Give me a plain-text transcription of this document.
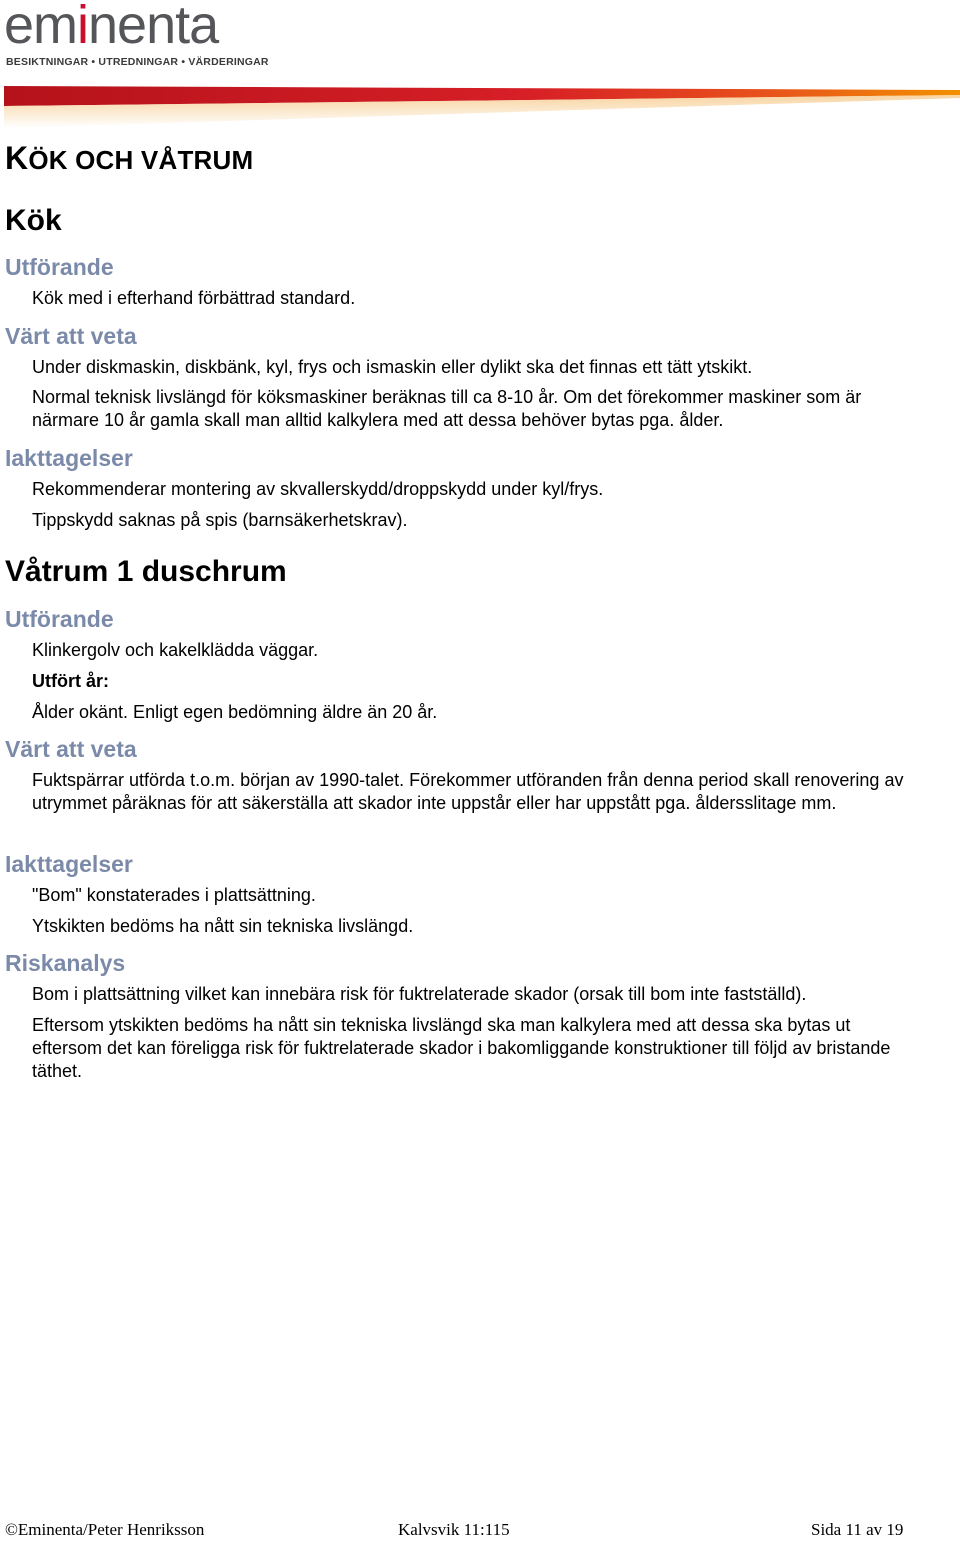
eminenta
BESIKTNINGAR • UTREDNINGAR • VÄRDERINGAR
KÖK OCH VÅTRUM
Kök
Utförande

Kök med i efterhand förbättrad standard.

Värt att veta

Under diskmaskin, diskbänk, kyl, frys och ismaskin eller dylikt ska det finnas ett tätt ytskikt.

Normal teknisk livslängd för köksmaskiner beräknas till ca 8-10 år. Om det förekommer maskiner som är närmare 10 år gamla skall man alltid kalkylera med att dessa behöver bytas pga. ålder.

Iakttagelser

Rekommenderar montering av skvallerskydd/droppskydd under kyl/frys.

Tippskydd saknas på spis (barnsäkerhetskrav).

Våtrum 1 duschrum
Utförande

Klinkergolv och kakelklädda väggar.

Utfört år:

Ålder okänt. Enligt egen bedömning äldre än 20 år.

Värt att veta

Fuktspärrar utförda t.o.m. början av 1990-talet. Förekommer utföranden från denna period skall renovering av utrymmet påräknas för att säkerställa att skador inte uppstår eller har uppstått pga. åldersslitage mm.

Iakttagelser

"Bom" konstaterades i plattsättning.

Ytskikten bedöms ha nått sin tekniska livslängd.

Riskanalys

Bom i plattsättning vilket kan innebära risk för fuktrelaterade skador (orsak till bom inte fastställd).

Eftersom ytskikten bedöms ha nått sin tekniska livslängd ska man kalkylera med att dessa ska bytas ut eftersom det kan föreligga risk för fuktrelaterade skador i bakomliggande konstruktioner till följd av bristande täthet.

©Eminenta/Peter Henriksson	Kalvsvik 11:115	Sida 11 av 19
